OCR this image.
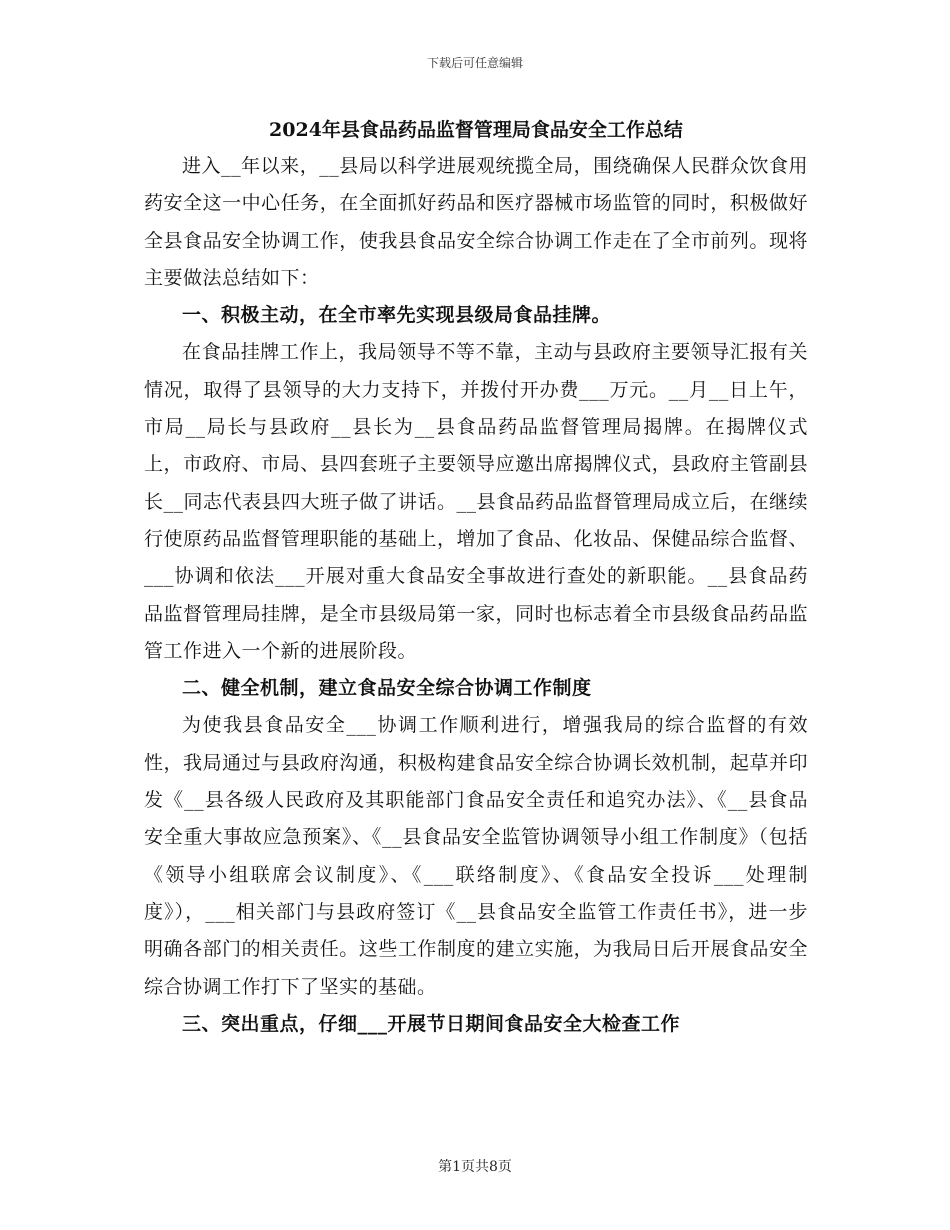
下载后可任意编辑
2024年县食品药品监督管理局食品安全工作总结

进入__年以来，__县局以科学进展观统揽全局，围绕确保人民群众饮食用药安全这一中心任务，在全面抓好药品和医疗器械市场监管的同时，积极做好全县食品安全协调工作，使我县食品安全综合协调工作走在了全市前列。现将主要做法总结如下：

一、积极主动，在全市率先实现县级局食品挂牌。

在食品挂牌工作上，我局领导不等不靠，主动与县政府主要领导汇报有关情况，取得了县领导的大力支持下，并拨付开办费___万元。__月__日上午，市局__局长与县政府__县长为__县食品药品监督管理局揭牌。在揭牌仪式上，市政府、市局、县四套班子主要领导应邀出席揭牌仪式，县政府主管副县长__同志代表县四大班子做了讲话。__县食品药品监督管理局成立后，在继续行使原药品监督管理职能的基础上，增加了食品、化妆品、保健品综合监督、___协调和依法___开展对重大食品安全事故进行查处的新职能。__县食品药品监督管理局挂牌，是全市县级局第一家，同时也标志着全市县级食品药品监管工作进入一个新的进展阶段。

二、健全机制，建立食品安全综合协调工作制度

为使我县食品安全___协调工作顺利进行，增强我局的综合监督的有效性，我局通过与县政府沟通，积极构建食品安全综合协调长效机制，起草并印发《__县各级人民政府及其职能部门食品安全责任和追究办法》、《__县食品安全重大事故应急预案》、《__县食品安全监管协调领导小组工作制度》（包括《领导小组联席会议制度》、《___联络制度》、《食品安全投诉___处理制度》），___相关部门与县政府签订《__县食品安全监管工作责任书》，进一步明确各部门的相关责任。这些工作制度的建立实施，为我局日后开展食品安全综合协调工作打下了坚实的基础。

三、突出重点，仔细___开展节日期间食品安全大检查工作

第1页共8页
